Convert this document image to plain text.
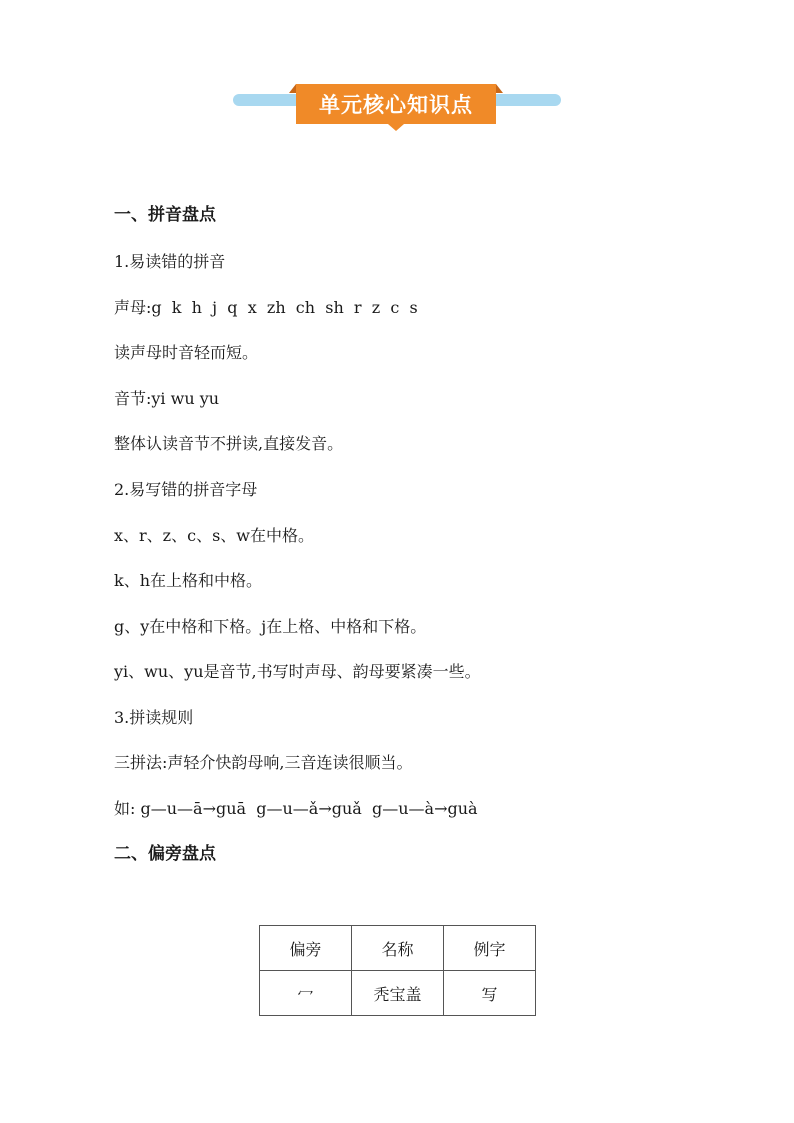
单元核心知识点
一、拼音盘点
1.易读错的拼音
声母:g  k  h  j  q  x  zh  ch  sh  r  z  c  s
读声母时音轻而短。
音节:yi wu yu
整体认读音节不拼读,直接发音。
2.易写错的拼音字母
x、r、z、c、s、w在中格。
k、h在上格和中格。
g、y在中格和下格。j在上格、中格和下格。
yi、wu、yu是音节,书写时声母、韵母要紧凑一些。
3.拼读规则
三拼法:声轻介快韵母响,三音连读很顺当。
如: g—u—ā→guā  g—u—ǎ→guǎ  g—u—à→guà
二、偏旁盘点
偏旁	名称	例字
冖	秃宝盖	写
